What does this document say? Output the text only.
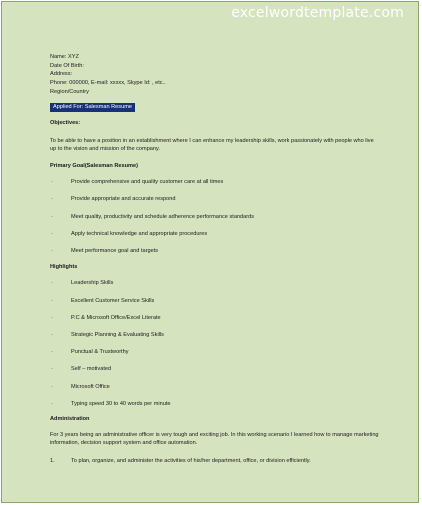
excelwordtemplate.com
Name: XYZ
Date Of Birth:
Address:
Phone: 000000, E-mail: xxxxx, Skype Id: , etc..
Region/Country
Applied For: Salesman Resume
Objectives:
To be able to have a position in an establishment where I can enhance my leadership skills, work passionately with people who live up to the vision and mission of the company.
Primary Goal(Salesman Resume)
·	Provide comprehensive and quality customer care at all times
·	Provide appropriate and accurate respond
·	Meet quality, productivity and schedule adherence performance standards
·	Apply technical knowledge and appropriate procedures
·	Meet performance goal and targets
Highlights
·	Leadership Skills
·	Excellent Customer Service Skills
·	P.C & Microsoft Office/Excel Literate
·	Strategic Planning & Evaluating Skills
·	Punctual & Trustworthy
·	Self – motivated
·	Microsoft Office
·	Typing speed 30 to 40 words per minute
Administration
For 3 years being an administrative officer is very tough and exciting job. In this working scenario I learned how to manage marketing information, decision support system and office automation.
1.	To plan, organize, and administer the activities of his/her department, office, or division efficiently.
